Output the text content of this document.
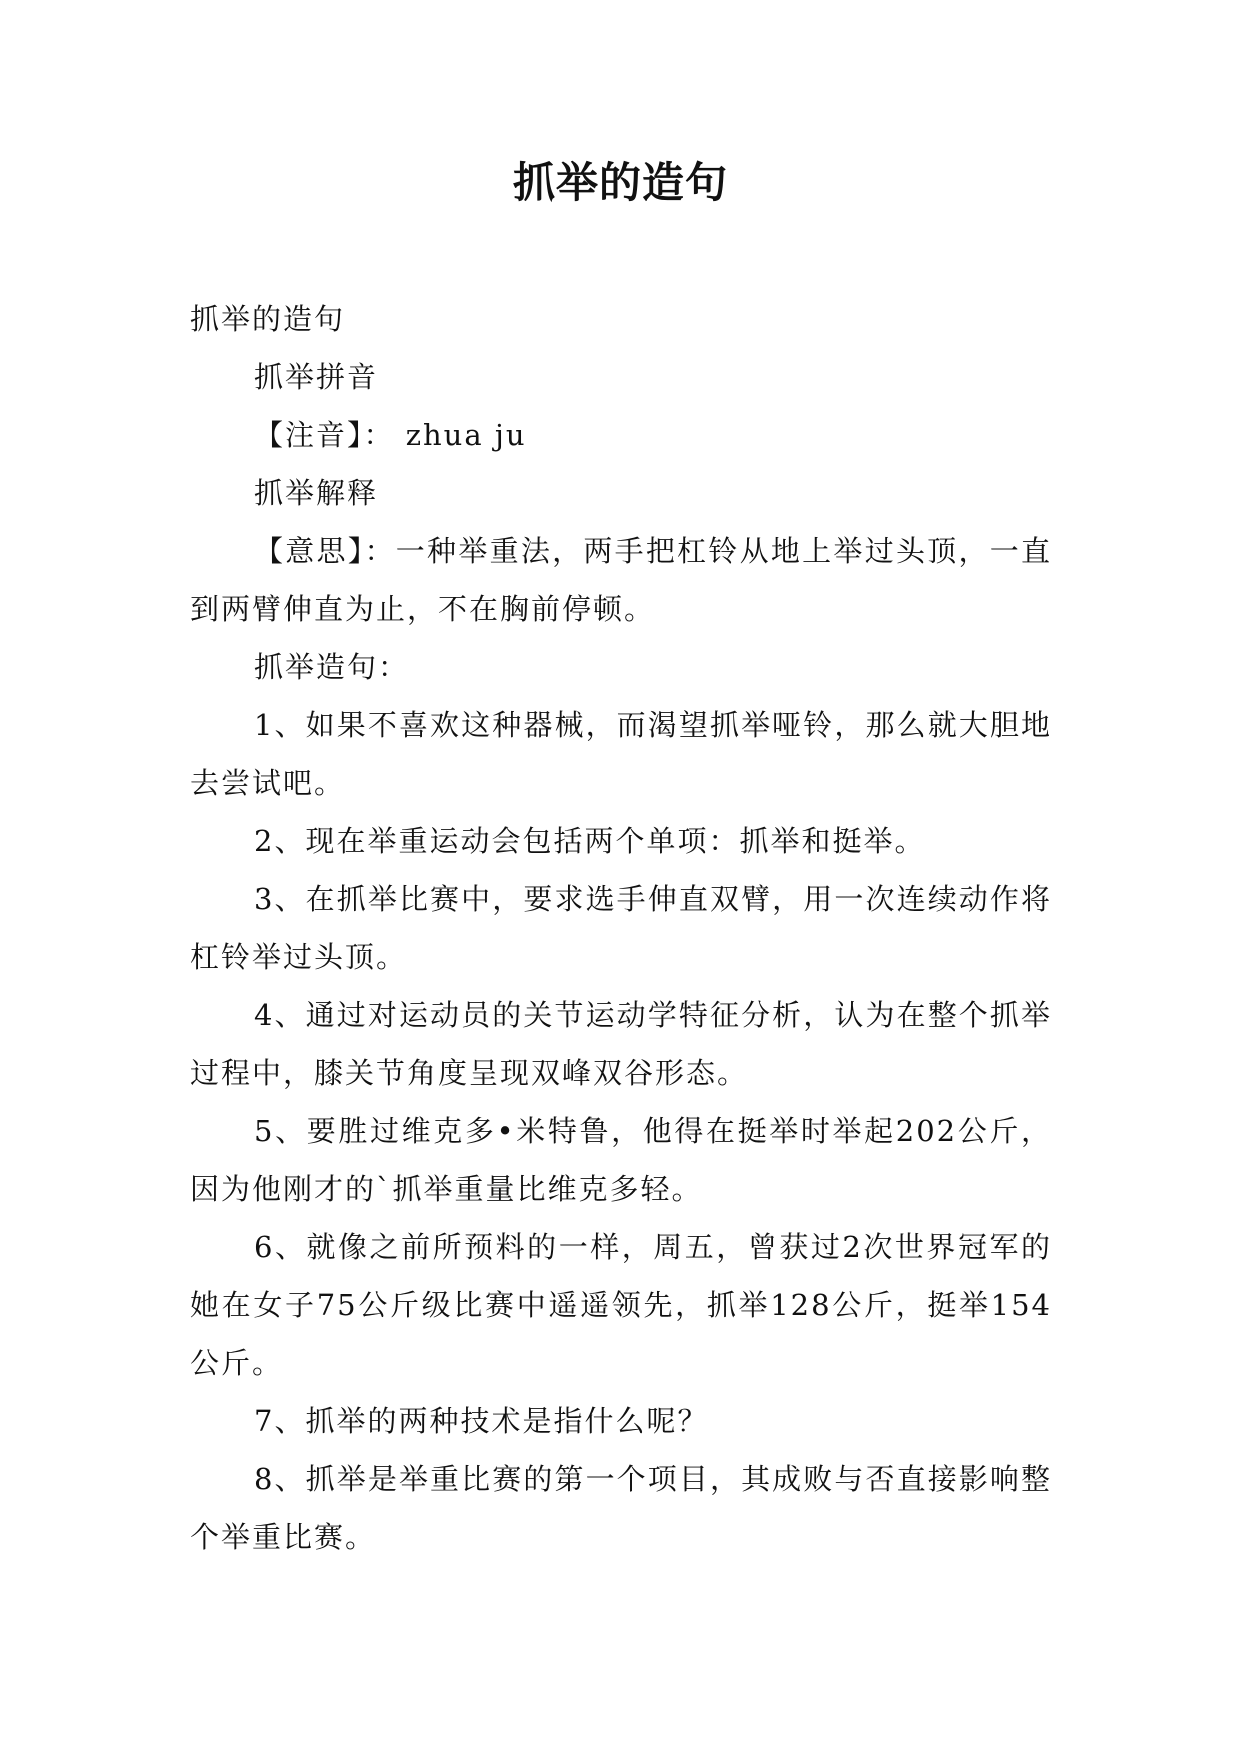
抓举的造句

抓举的造句

抓举拼音

【注音】： zhua ju

抓举解释

【意思】：一种举重法，两手把杠铃从地上举过头顶，一直到两臂伸直为止，不在胸前停顿。

抓举造句：

1、如果不喜欢这种器械，而渴望抓举哑铃，那么就大胆地去尝试吧。

2、现在举重运动会包括两个单项：抓举和挺举。

3、在抓举比赛中，要求选手伸直双臂，用一次连续动作将杠铃举过头顶。

4、通过对运动员的关节运动学特征分析，认为在整个抓举过程中，膝关节角度呈现双峰双谷形态。

5、要胜过维克多•米特鲁，他得在挺举时举起202公斤，因为他刚才的`抓举重量比维克多轻。

6、就像之前所预料的一样，周五，曾获过2次世界冠军的她在女子75公斤级比赛中遥遥领先，抓举128公斤，挺举154公斤。

7、抓举的两种技术是指什么呢？

8、抓举是举重比赛的第一个项目，其成败与否直接影响整个举重比赛。
